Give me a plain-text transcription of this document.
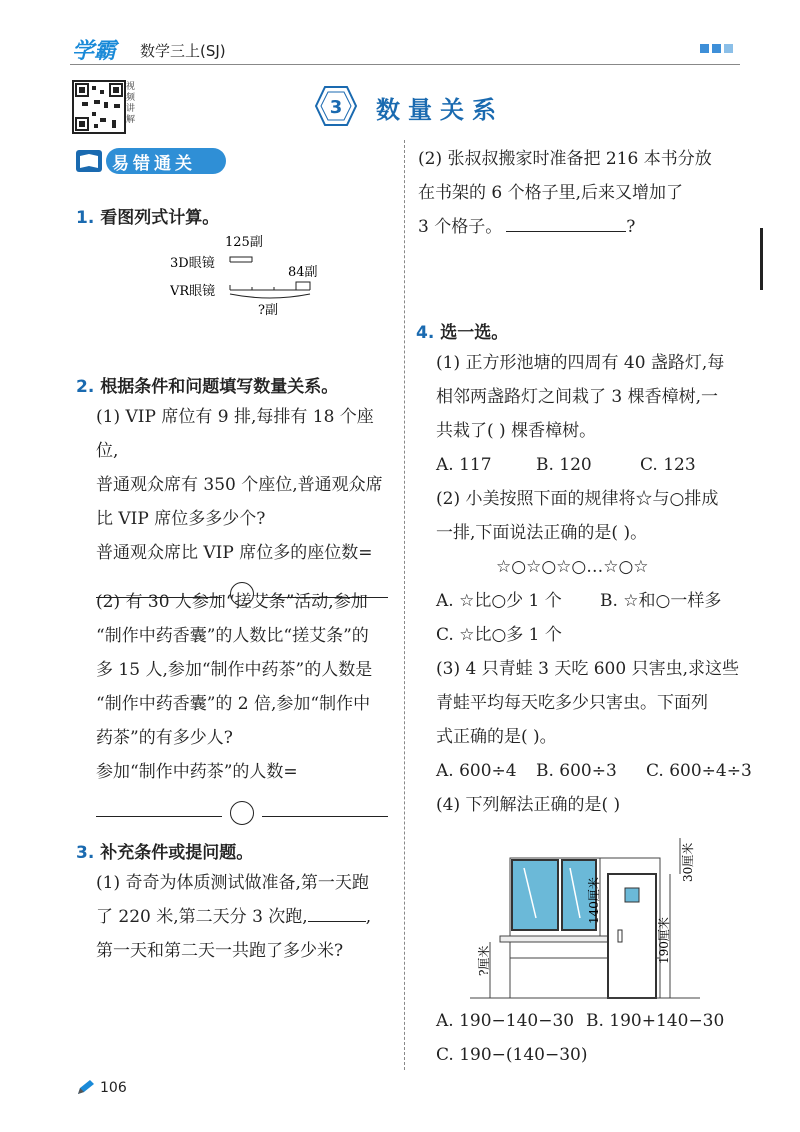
学霸 数学三上(SJ)
视频讲解
3 数量关系
易错通关
1. 看图列式计算。
125副
3D眼镜
84副
VR眼镜
?副
2. 根据条件和问题填写数量关系。
(1) VIP 席位有 9 排,每排有 18 个座位,
普通观众席有 350 个座位,普通观众席
比 VIP 席位多多少个?
普通观众席比 VIP 席位多的座位数=
(2) 有 30 人参加“搓艾条”活动,参加
“制作中药香囊”的人数比“搓艾条”的
多 15 人,参加“制作中药茶”的人数是
“制作中药香囊”的 2 倍,参加“制作中
药茶”的有多少人?
参加“制作中药茶”的人数=
3. 补充条件或提问题。
(1) 奇奇为体质测试做准备,第一天跑
了 220 米,第二天分 3 次跑,	,
第一天和第二天一共跑了多少米?
(2) 张叔叔搬家时准备把 216 本书分放
在书架的 6 个格子里,后来又增加了
3 个格子。	?
4. 选一选。
(1) 正方形池塘的四周有 40 盏路灯,每
相邻两盏路灯之间栽了 3 棵香樟树,一
共栽了( ) 棵香樟树。
A. 117	B. 120	C. 123
(2) 小美按照下面的规律将☆与○排成
一排,下面说法正确的是( )。
☆○☆○☆○…☆○☆
A. ☆比○少 1 个 B. ☆和○一样多
C. ☆比○多 1 个
(3) 4 只青蛙 3 天吃 600 只害虫,求这些
青蛙平均每天吃多少只害虫。下面列
式正确的是( )。
A. 600÷4 B. 600÷3 C. 600÷4÷3
(4) 下列解法正确的是( )
?厘米
140厘米
190厘米
30厘米
A. 190−140−30 B. 190+140−30
C. 190−(140−30)
106
